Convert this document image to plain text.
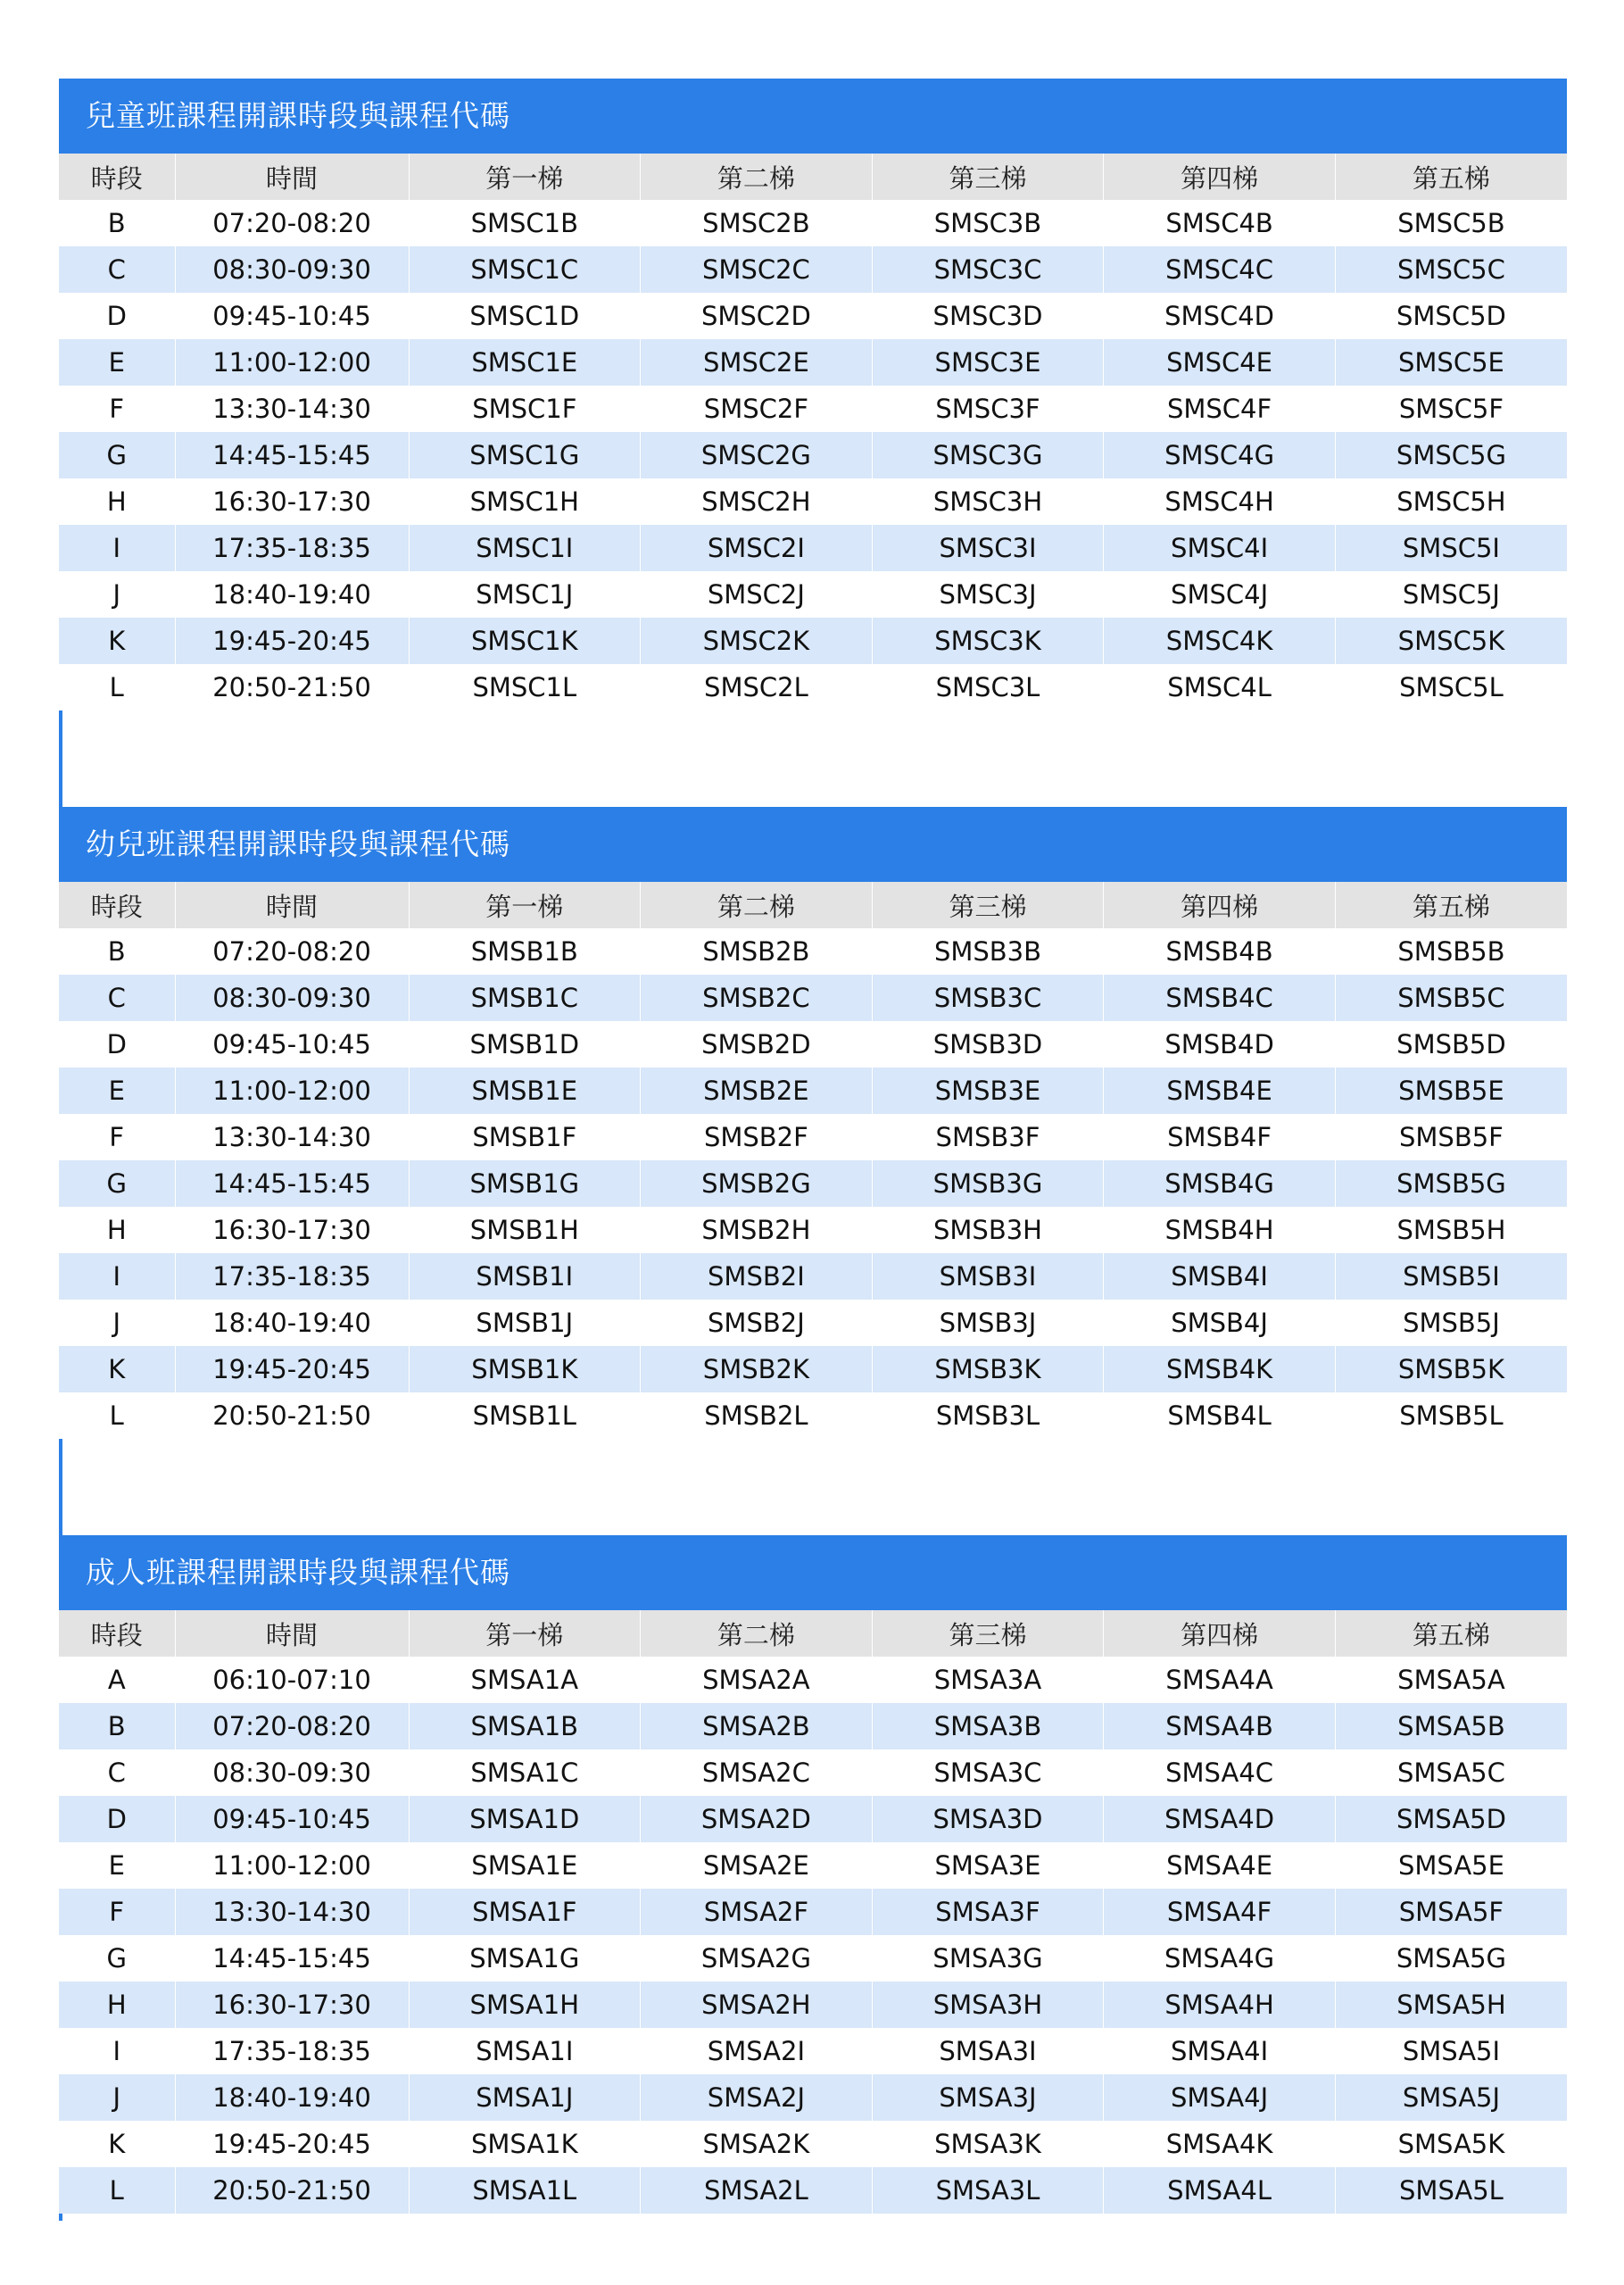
兒童班課程開課時段與課程代碼
時段	時間	第一梯	第二梯	第三梯	第四梯	第五梯
B	07:20-08:20	SMSC1B	SMSC2B	SMSC3B	SMSC4B	SMSC5B
C	08:30-09:30	SMSC1C	SMSC2C	SMSC3C	SMSC4C	SMSC5C
D	09:45-10:45	SMSC1D	SMSC2D	SMSC3D	SMSC4D	SMSC5D
E	11:00-12:00	SMSC1E	SMSC2E	SMSC3E	SMSC4E	SMSC5E
F	13:30-14:30	SMSC1F	SMSC2F	SMSC3F	SMSC4F	SMSC5F
G	14:45-15:45	SMSC1G	SMSC2G	SMSC3G	SMSC4G	SMSC5G
H	16:30-17:30	SMSC1H	SMSC2H	SMSC3H	SMSC4H	SMSC5H
I	17:35-18:35	SMSC1I	SMSC2I	SMSC3I	SMSC4I	SMSC5I
J	18:40-19:40	SMSC1J	SMSC2J	SMSC3J	SMSC4J	SMSC5J
K	19:45-20:45	SMSC1K	SMSC2K	SMSC3K	SMSC4K	SMSC5K
L	20:50-21:50	SMSC1L	SMSC2L	SMSC3L	SMSC4L	SMSC5L
幼兒班課程開課時段與課程代碼
時段	時間	第一梯	第二梯	第三梯	第四梯	第五梯
B	07:20-08:20	SMSB1B	SMSB2B	SMSB3B	SMSB4B	SMSB5B
C	08:30-09:30	SMSB1C	SMSB2C	SMSB3C	SMSB4C	SMSB5C
D	09:45-10:45	SMSB1D	SMSB2D	SMSB3D	SMSB4D	SMSB5D
E	11:00-12:00	SMSB1E	SMSB2E	SMSB3E	SMSB4E	SMSB5E
F	13:30-14:30	SMSB1F	SMSB2F	SMSB3F	SMSB4F	SMSB5F
G	14:45-15:45	SMSB1G	SMSB2G	SMSB3G	SMSB4G	SMSB5G
H	16:30-17:30	SMSB1H	SMSB2H	SMSB3H	SMSB4H	SMSB5H
I	17:35-18:35	SMSB1I	SMSB2I	SMSB3I	SMSB4I	SMSB5I
J	18:40-19:40	SMSB1J	SMSB2J	SMSB3J	SMSB4J	SMSB5J
K	19:45-20:45	SMSB1K	SMSB2K	SMSB3K	SMSB4K	SMSB5K
L	20:50-21:50	SMSB1L	SMSB2L	SMSB3L	SMSB4L	SMSB5L
成人班課程開課時段與課程代碼
時段	時間	第一梯	第二梯	第三梯	第四梯	第五梯
A	06:10-07:10	SMSA1A	SMSA2A	SMSA3A	SMSA4A	SMSA5A
B	07:20-08:20	SMSA1B	SMSA2B	SMSA3B	SMSA4B	SMSA5B
C	08:30-09:30	SMSA1C	SMSA2C	SMSA3C	SMSA4C	SMSA5C
D	09:45-10:45	SMSA1D	SMSA2D	SMSA3D	SMSA4D	SMSA5D
E	11:00-12:00	SMSA1E	SMSA2E	SMSA3E	SMSA4E	SMSA5E
F	13:30-14:30	SMSA1F	SMSA2F	SMSA3F	SMSA4F	SMSA5F
G	14:45-15:45	SMSA1G	SMSA2G	SMSA3G	SMSA4G	SMSA5G
H	16:30-17:30	SMSA1H	SMSA2H	SMSA3H	SMSA4H	SMSA5H
I	17:35-18:35	SMSA1I	SMSA2I	SMSA3I	SMSA4I	SMSA5I
J	18:40-19:40	SMSA1J	SMSA2J	SMSA3J	SMSA4J	SMSA5J
K	19:45-20:45	SMSA1K	SMSA2K	SMSA3K	SMSA4K	SMSA5K
L	20:50-21:50	SMSA1L	SMSA2L	SMSA3L	SMSA4L	SMSA5L
